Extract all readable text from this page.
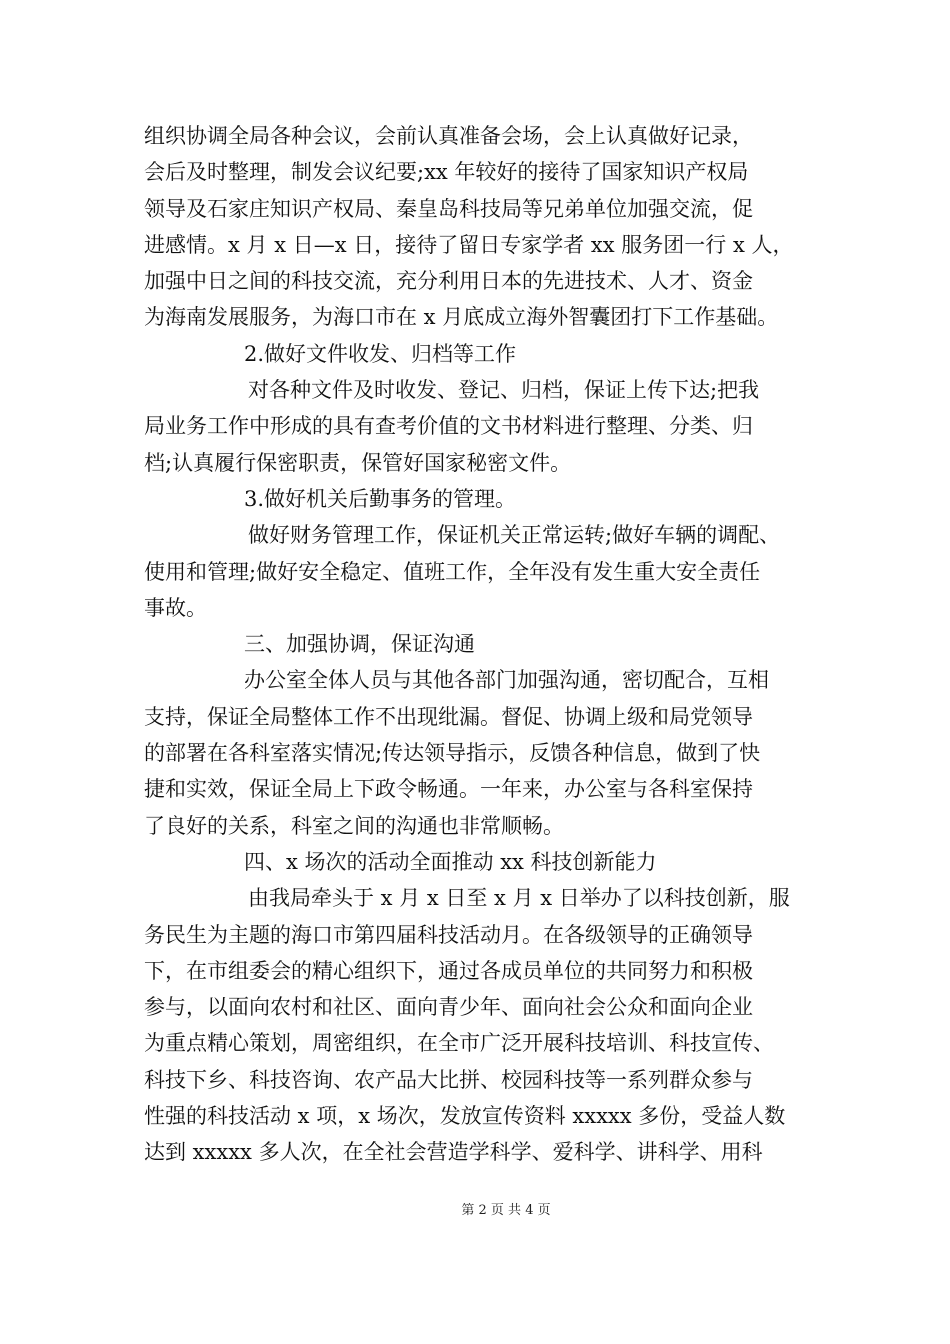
组织协调全局各种会议，会前认真准备会场，会上认真做好记录，
会后及时整理，制发会议纪要;xx 年较好的接待了国家知识产权局
领导及石家庄知识产权局、秦皇岛科技局等兄弟单位加强交流，促
进感情。x 月 x 日—x 日，接待了留日专家学者 xx 服务团一行 x 人，
加强中日之间的科技交流，充分利用日本的先进技术、人才、资金
为海南发展服务，为海口市在 x 月底成立海外智囊团打下工作基础。
2.做好文件收发、归档等工作
对各种文件及时收发、登记、归档，保证上传下达;把我
局业务工作中形成的具有查考价值的文书材料进行整理、分类、归
档;认真履行保密职责，保管好国家秘密文件。
3.做好机关后勤事务的管理。
做好财务管理工作，保证机关正常运转;做好车辆的调配、
使用和管理;做好安全稳定、值班工作，全年没有发生重大安全责任
事故。
三、加强协调，保证沟通
办公室全体人员与其他各部门加强沟通，密切配合，互相
支持，保证全局整体工作不出现纰漏。督促、协调上级和局党领导
的部署在各科室落实情况;传达领导指示，反馈各种信息，做到了快
捷和实效，保证全局上下政令畅通。一年来，办公室与各科室保持
了良好的关系，科室之间的沟通也非常顺畅。
四、x 场次的活动全面推动 xx 科技创新能力
由我局牵头于 x 月 x 日至 x 月 x 日举办了以科技创新，服
务民生为主题的海口市第四届科技活动月。在各级领导的正确领导
下，在市组委会的精心组织下，通过各成员单位的共同努力和积极
参与，以面向农村和社区、面向青少年、面向社会公众和面向企业
为重点精心策划，周密组织，在全市广泛开展科技培训、科技宣传、
科技下乡、科技咨询、农产品大比拼、校园科技等一系列群众参与
性强的科技活动 x 项，x 场次，发放宣传资料 xxxxx 多份，受益人数
达到 xxxxx 多人次，在全社会营造学科学、爱科学、讲科学、用科
第 2 页 共 4 页
